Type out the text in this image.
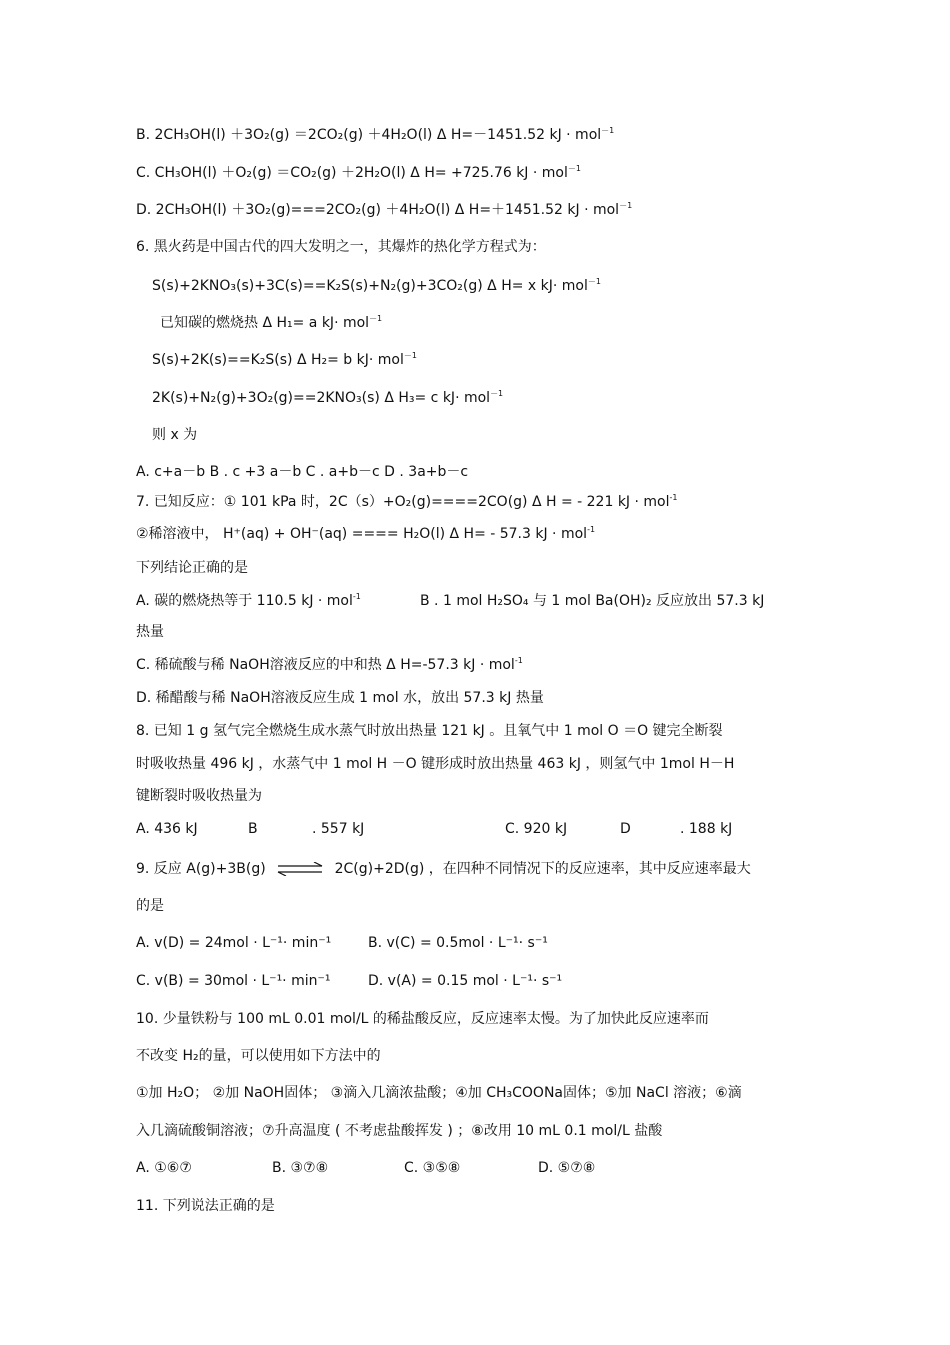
B. 2CH₃OH(l) ＋3O₂(g) ＝2CO₂(g) ＋4H₂O(l) Δ H=－1451.52 kJ · mol$^{-1}$
C. CH₃OH(l) ＋O₂(g) ＝CO₂(g) ＋2H₂O(l) Δ H= +725.76 kJ · mol$^{-1}$
D. 2CH₃OH(l) ＋3O₂(g)===2CO₂(g) ＋4H₂O(l) Δ H=＋1451.52 kJ · mol$^{-1}$
6. 黑火药是中国古代的四大发明之一，其爆炸的热化学方程式为：
S(s)+2KNO₃(s)+3C(s)==K₂S(s)+N₂(g)+3CO₂(g) Δ H= x kJ· mol$^{-1}$
已知碳的燃烧热 Δ H₁= a kJ· mol$^{-1}$
S(s)+2K(s)==K₂S(s) Δ H₂= b kJ· mol$^{-1}$
2K(s)+N₂(g)+3O₂(g)==2KNO₃(s) Δ H₃= c kJ· mol$^{-1}$
则 x 为
A. c+a－b B . c +3 a－b C . a+b－c D . 3a+b－c
7. 已知反应：① 101 kPa 时，2C（s）+O₂(g)====2CO(g) Δ H = - 221 kJ · mol$^{-1}$
②稀溶液中， H⁺(aq) + OH⁻(aq) ==== H₂O(l) Δ H= - 57.3 kJ · mol$^{-1}$
下列结论正确的是
A. 碳的燃烧热等于 110.5 kJ · mol$^{-1}$	B . 1 mol H₂SO₄ 与 1 mol Ba(OH)₂ 反应放出 57.3 kJ
热量
C. 稀硫酸与稀 NaOH溶液反应的中和热 Δ H=-57.3 kJ · mol$^{-1}$
D. 稀醋酸与稀 NaOH溶液反应生成 1 mol 水，放出 57.3 kJ 热量
8. 已知 1 g 氢气完全燃烧生成水蒸气时放出热量 121 kJ 。且氧气中 1 mol O ＝O 键完全断裂
时吸收热量 496 kJ ，水蒸气中 1 mol H －O 键形成时放出热量 463 kJ ，则氢气中 1mol H－H
键断裂时吸收热量为
A. 436 kJ	B	. 557 kJ	C. 920 kJ	D	. 188 kJ
9. 反应 A(g)+3B(g) ⇌ 2C(g)+2D(g) ，在四种不同情况下的反应速率，其中反应速率最大
的是
A. v(D) = 24mol · L⁻¹· min⁻¹	B. v(C) = 0.5mol · L⁻¹· s⁻¹
C. v(B) = 30mol · L⁻¹· min⁻¹	D. v(A) = 0.15 mol · L⁻¹· s⁻¹
10. 少量铁粉与 100 mL 0.01 mol/L 的稀盐酸反应，反应速率太慢。为了加快此反应速率而
不改变 H₂的量，可以使用如下方法中的
①加 H₂O； ②加 NaOH固体； ③滴入几滴浓盐酸；④加 CH₃COONa固体；⑤加 NaCl 溶液；⑥滴
入几滴硫酸铜溶液；⑦升高温度 ( 不考虑盐酸挥发 ) ；⑧改用 10 mL 0.1 mol/L 盐酸
A. ①⑥⑦	B. ③⑦⑧	C. ③⑤⑧	D. ⑤⑦⑧
11. 下列说法正确的是
